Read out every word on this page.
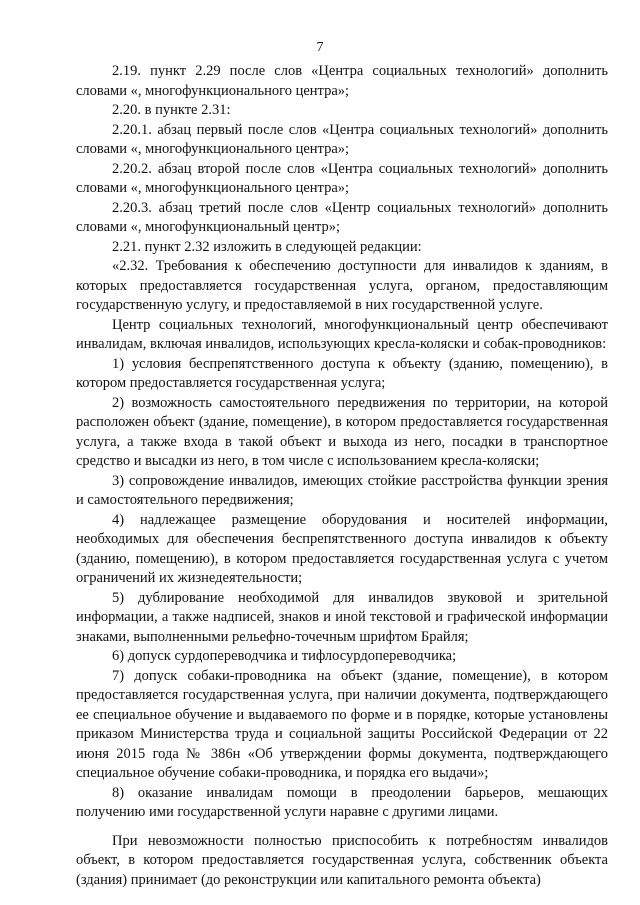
7

2.19. пункт 2.29 после слов «Центра социальных технологий» дополнить словами «, многофункционального центра»;

2.20. в пункте 2.31:

2.20.1. абзац первый после слов «Центра социальных технологий» дополнить словами «, многофункционального центра»;

2.20.2. абзац второй после слов «Центра социальных технологий» дополнить словами «, многофункционального центра»;

2.20.3. абзац третий после слов «Центр социальных технологий» дополнить словами «, многофункциональный центр»;

2.21. пункт 2.32 изложить в следующей редакции:

«2.32. Требования к обеспечению доступности для инвалидов к зданиям, в которых предоставляется государственная услуга, органом, предоставляющим государственную услугу, и предоставляемой в них государственной услуге.

Центр социальных технологий, многофункциональный центр обеспечивают инвалидам, включая инвалидов, использующих кресла-коляски и собак-проводников:

1) условия беспрепятственного доступа к объекту (зданию, помещению), в котором предоставляется государственная услуга;

2) возможность самостоятельного передвижения по территории, на которой расположен объект (здание, помещение), в котором предоставляется государственная услуга, а также входа в такой объект и выхода из него, посадки в транспортное средство и высадки из него, в том числе с использованием кресла-коляски;

3) сопровождение инвалидов, имеющих стойкие расстройства функции зрения и самостоятельного передвижения;

4) надлежащее размещение оборудования и носителей информации, необходимых для обеспечения беспрепятственного доступа инвалидов к объекту (зданию, помещению), в котором предоставляется государственная услуга с учетом ограничений их жизнедеятельности;

5) дублирование необходимой для инвалидов звуковой и зрительной информации, а также надписей, знаков и иной текстовой и графической информации знаками, выполненными рельефно-точечным шрифтом Брайля;

6) допуск сурдопереводчика и тифлосурдопереводчика;

7) допуск собаки-проводника на объект (здание, помещение), в котором предоставляется государственная услуга, при наличии документа, подтверждающего ее специальное обучение и выдаваемого по форме и в порядке, которые установлены приказом Министерства труда и социальной защиты Российской Федерации от 22 июня 2015 года № 386н «Об утверждении формы документа, подтверждающего специальное обучение собаки-проводника, и порядка его выдачи»;

8) оказание инвалидам помощи в преодолении барьеров, мешающих получению ими государственной услуги наравне с другими лицами.

При невозможности полностью приспособить к потребностям инвалидов объект, в котором предоставляется государственная услуга, собственник объекта (здания) принимает (до реконструкции или капитального ремонта объекта)
